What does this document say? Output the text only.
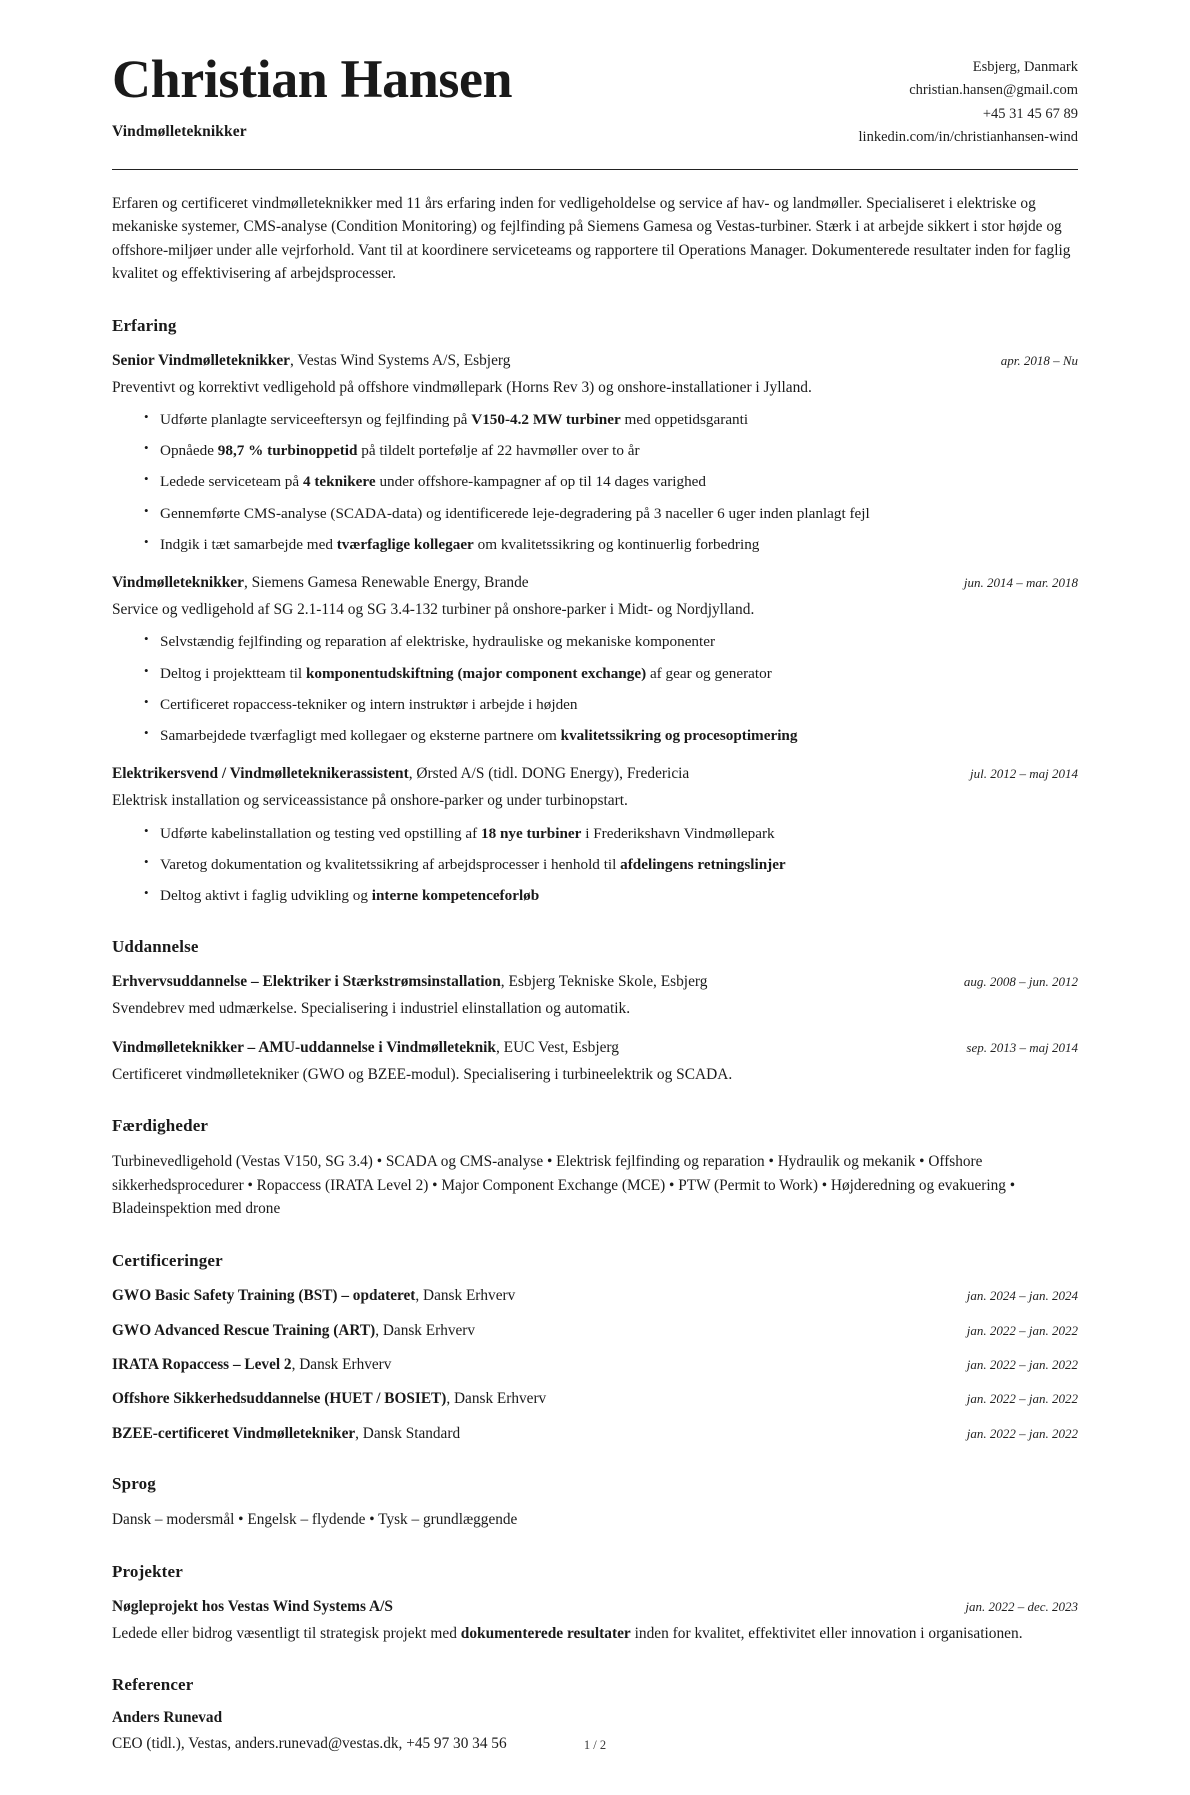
Christian Hansen

Vindmølleteknikker

Esbjerg, Danmark
christian.hansen@gmail.com
+45 31 45 67 89
linkedin.com/in/christianhansen-wind

Erfaren og certificeret vindmølleteknikker med 11 års erfaring inden for vedligeholdelse og service af hav- og landmøller. Specialiseret i elektriske og mekaniske systemer, CMS-analyse (Condition Monitoring) og fejlfinding på Siemens Gamesa og Vestas-turbiner. Stærk i at arbejde sikkert i stor højde og offshore-miljøer under alle vejrforhold. Vant til at koordinere serviceteams og rapportere til Operations Manager. Dokumenterede resultater inden for faglig kvalitet og effektivisering af arbejdsprocesser.

Erfaring
Senior Vindmølleteknikker, Vestas Wind Systems A/S, Esbjerg	apr. 2018 – Nu

Preventivt og korrektivt vedligehold på offshore vindmøllepark (Horns Rev 3) og onshore-installationer i Jylland.

• Udførte planlagte serviceeftersyn og fejlfinding på V150-4.2 MW turbiner med oppetidsgaranti
• Opnåede 98,7 % turbinoppetid på tildelt portefølje af 22 havmøller over to år
• Ledede serviceteam på 4 teknikere under offshore-kampagner af op til 14 dages varighed
• Gennemførte CMS-analyse (SCADA-data) og identificerede leje-degradering på 3 naceller 6 uger inden planlagt fejl
• Indgik i tæt samarbejde med tværfaglige kollegaer om kvalitetssikring og kontinuerlig forbedring
Vindmølleteknikker, Siemens Gamesa Renewable Energy, Brande	jun. 2014 – mar. 2018

Service og vedligehold af SG 2.1-114 og SG 3.4-132 turbiner på onshore-parker i Midt- og Nordjylland.

• Selvstændig fejlfinding og reparation af elektriske, hydrauliske og mekaniske komponenter
• Deltog i projektteam til komponentudskiftning (major component exchange) af gear og generator
• Certificeret ropaccess-tekniker og intern instruktør i arbejde i højden
• Samarbejdede tværfagligt med kollegaer og eksterne partnere om kvalitetssikring og procesoptimering
Elektrikersvend / Vindmølleteknikerassistent, Ørsted A/S (tidl. DONG Energy), Fredericia	jul. 2012 – maj 2014

Elektrisk installation og serviceassistance på onshore-parker og under turbinopstart.

• Udførte kabelinstallation og testing ved opstilling af 18 nye turbiner i Frederikshavn Vindmøllepark
• Varetog dokumentation og kvalitetssikring af arbejdsprocesser i henhold til afdelingens retningslinjer
• Deltog aktivt i faglig udvikling og interne kompetenceforløb
Uddannelse
Erhvervsuddannelse – Elektriker i Stærkstrømsinstallation, Esbjerg Tekniske Skole, Esbjerg	aug. 2008 – jun. 2012

Svendebrev med udmærkelse. Specialisering i industriel elinstallation og automatik.

Vindmølleteknikker – AMU-uddannelse i Vindmølleteknik, EUC Vest, Esbjerg	sep. 2013 – maj 2014

Certificeret vindmølletekniker (GWO og BZEE-modul). Specialisering i turbineelektrik og SCADA.

Færdigheder

Turbinevedligehold (Vestas V150, SG 3.4) • SCADA og CMS-analyse • Elektrisk fejlfinding og reparation • Hydraulik og mekanik • Offshore sikkerhedsprocedurer • Ropaccess (IRATA Level 2) • Major Component Exchange (MCE) • PTW (Permit to Work) • Højderedning og evakuering • Bladeinspektion med drone

Certificeringer
GWO Basic Safety Training (BST) – opdateret, Dansk Erhverv	jan. 2024 – jan. 2024
GWO Advanced Rescue Training (ART), Dansk Erhverv	jan. 2022 – jan. 2022
IRATA Ropaccess – Level 2, Dansk Erhverv	jan. 2022 – jan. 2022
Offshore Sikkerhedsuddannelse (HUET / BOSIET), Dansk Erhverv	jan. 2022 – jan. 2022
BZEE-certificeret Vindmølletekniker, Dansk Standard	jan. 2022 – jan. 2022
Sprog

Dansk – modersmål • Engelsk – flydende • Tysk – grundlæggende

Projekter
Nøgleprojekt hos Vestas Wind Systems A/S	jan. 2022 – dec. 2023

Ledede eller bidrog væsentligt til strategisk projekt med dokumenterede resultater inden for kvalitet, effektivitet eller innovation i organisationen.

Referencer

Anders Runevad

CEO (tidl.), Vestas, anders.runevad@vestas.dk, +45 97 30 34 56	1 / 2
